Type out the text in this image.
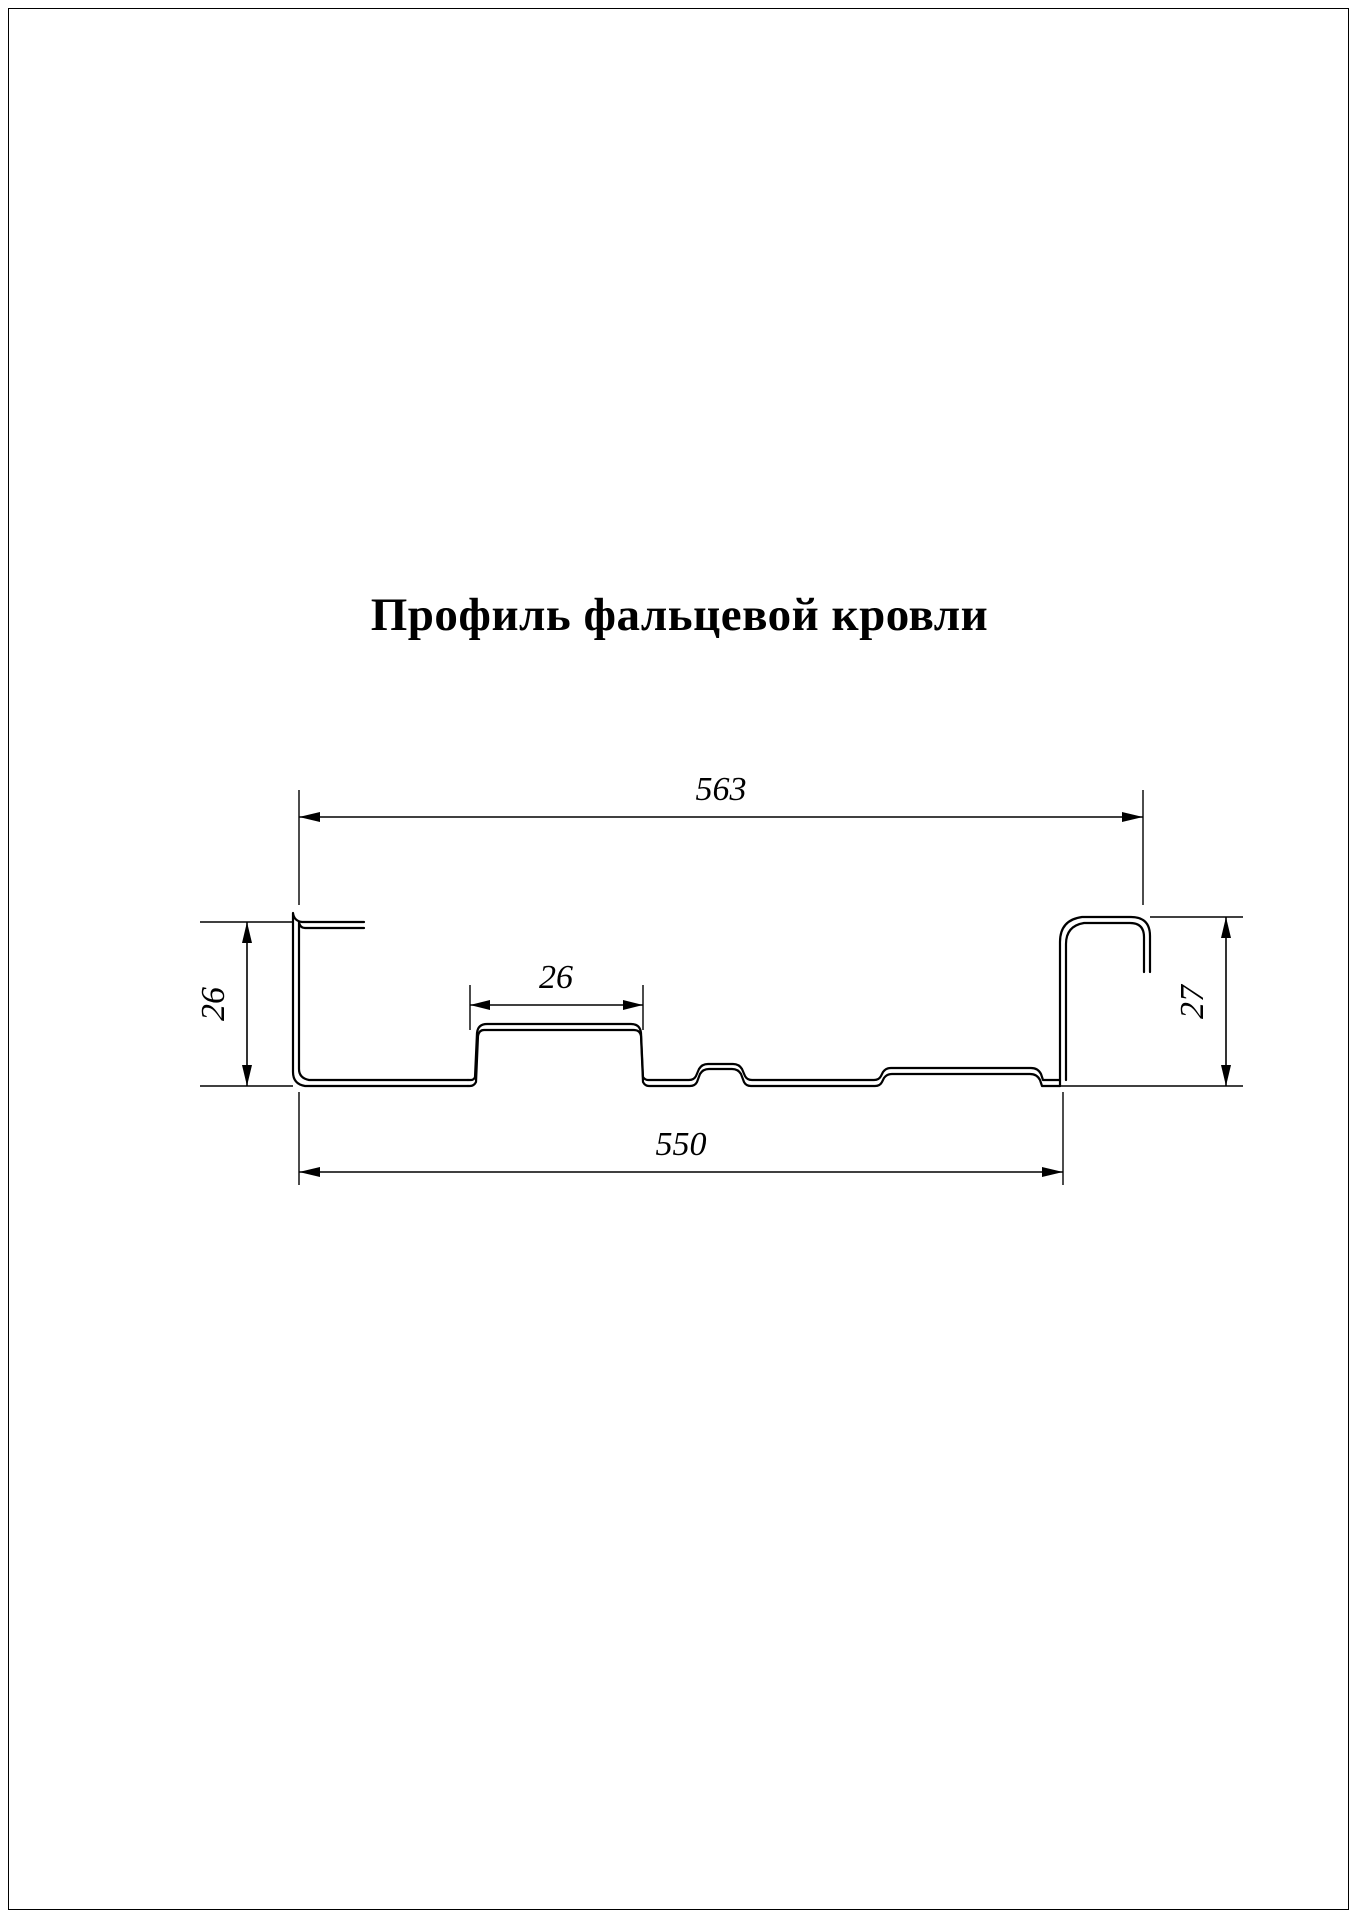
Профиль фальцевой кровли
563
26
26	27
550
